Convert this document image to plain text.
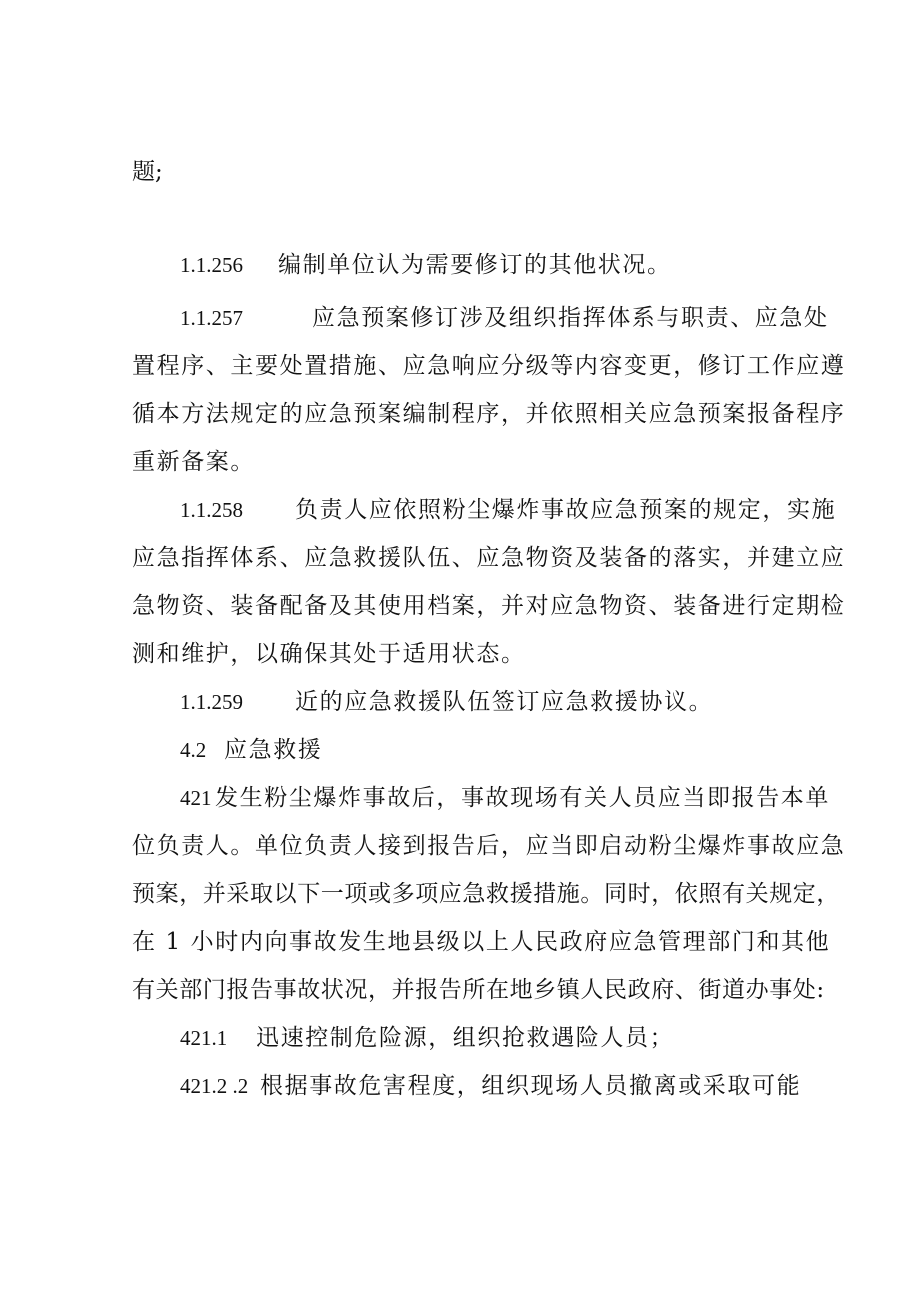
题;
1.1.256 编制单位认为需要修订的其他状况。
1.1.257	应急预案修订涉及组织指挥体系与职责、应急处
置程序、主要处置措施、应急响应分级等内容变更，修订工作应遵
循本方法规定的应急预案编制程序，并依照相关应急预案报备程序
重新备案。
1.1.258 负责人应依照粉尘爆炸事故应急预案的规定，实施
应急指挥体系、应急救援队伍、应急物资及装备的落实，并建立应
急物资、装备配备及其使用档案，并对应急物资、装备进行定期检
测和维护，以确保其处于适用状态。
1.1.259 近的应急救援队伍签订应急救援协议。
4.2 应急救援
421 发生粉尘爆炸事故后，事故现场有关人员应当即报告本单
位负责人。单位负责人接到报告后，应当即启动粉尘爆炸事故应急
预案，并采取以下一项或多项应急救援措施。同时，依照有关规定，
在 1 小时内向事故发生地县级以上人民政府应急管理部门和其他
有关部门报告事故状况，并报告所在地乡镇人民政府、街道办事处:
421.1 迅速控制危险源，组织抢救遇险人员；
421.2 .2 根据事故危害程度，组织现场人员撤离或采取可能
